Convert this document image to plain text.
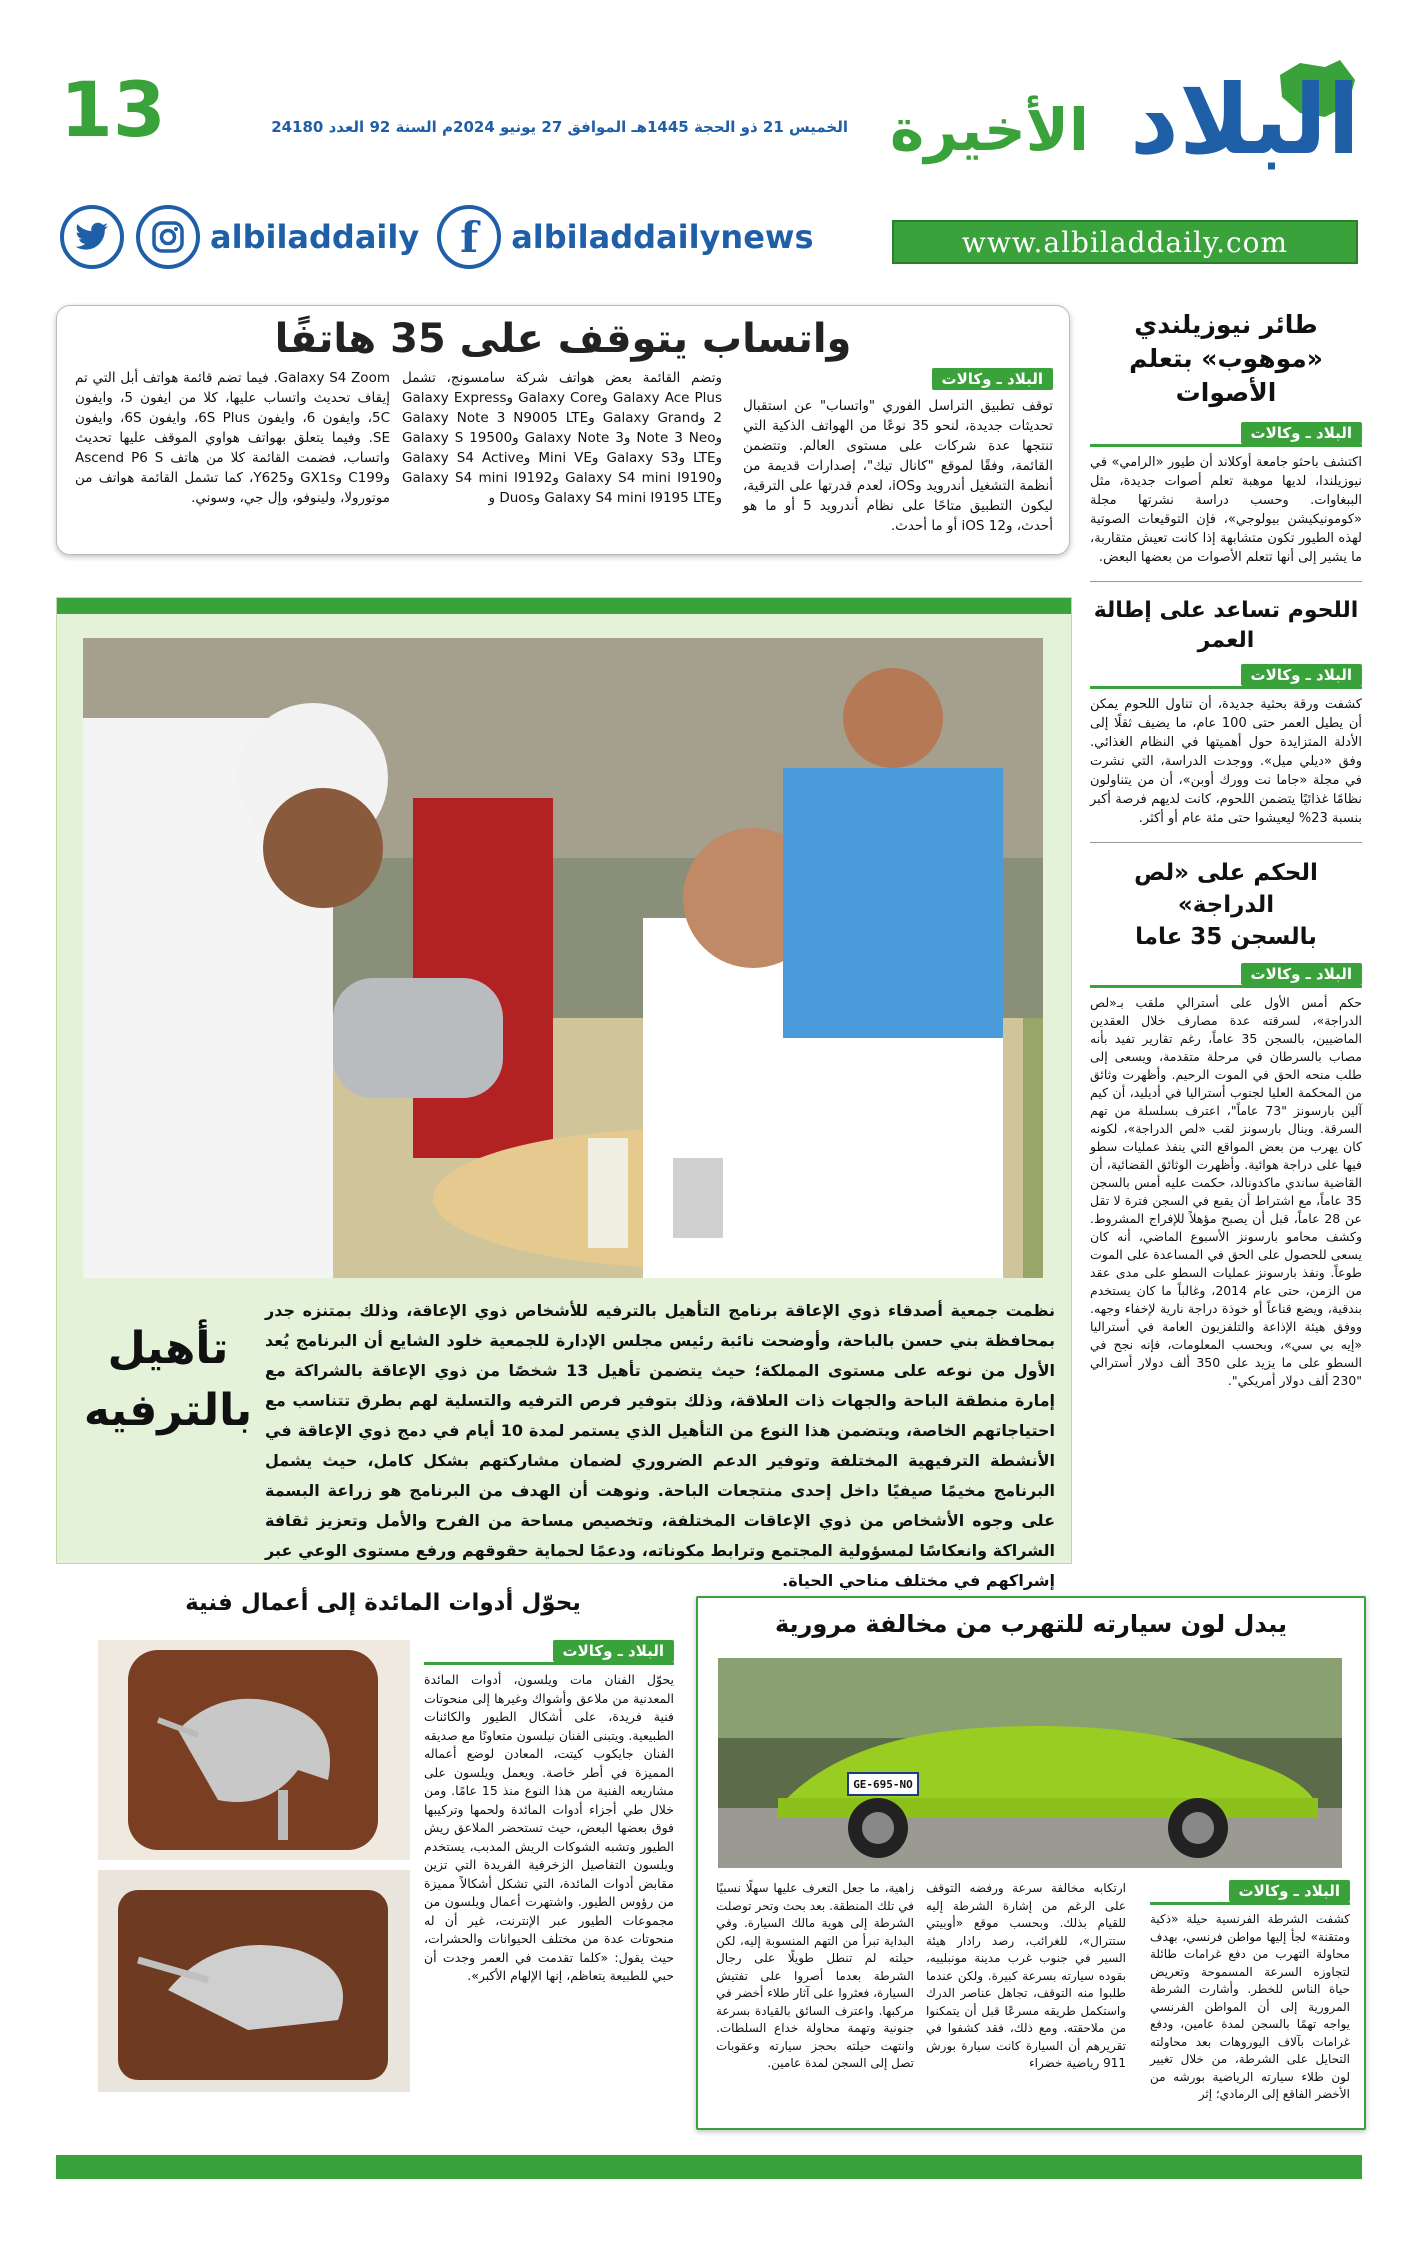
13	الخميس 21 ذو الحجة 1445هـ الموافق 27 يونيو 2024م السنة 92 العدد 24180	البلاد
الأخيرة
www.albiladdaily.com
albiladdaily f	albiladdailynews
واتساب يتوقف على 35 هاتفًا
البلاد ـ وكالات
توقف تطبيق التراسل الفوري "واتساب" عن استقبال تحديثات جديدة، لنحو 35 نوعًا من الهواتف الذكية التي تنتجها عدة شركات على مستوى العالم. وتتضمن القائمة، وفقًا لموقع "كانال تيك"، إصدارات قديمة من أنظمة التشغيل أندرويد وiOS، لعدم قدرتها على الترقية، ليكون التطبيق متاحًا على نظام أندرويد 5 أو ما هو أحدث، وiOS 12 أو ما أحدث.
وتضم القائمة بعض هواتف شركة سامسونج، تشمل Galaxy Ace Plus وGalaxy Core وGalaxy Express 2 وGalaxy Grand وGalaxy Note 3 N9005 LTE وNote 3 Neo وGalaxy Note 3 وGalaxy S 19500 وLTE وGalaxy S3 وMini VE وGalaxy S4 Active وGalaxy S4 mini I9190 وGalaxy S4 mini I9192 وGalaxy S4 mini I9195 LTE وDuos و
Galaxy S4 Zoom. فيما تضم قائمة هواتف أبل التي تم إيقاف تحديث واتساب عليها، كلا من ايفون 5، وايفون 5C، وايفون 6، وايفون 6S Plus، وايفون 6S، وايفون SE. وفيما يتعلق بهواتف هواوي الموقف عليها تحديث واتساب، فضمت القائمة كلا من هاتف Ascend P6 S وC199 وGX1s وY625، كما تشمل القائمة هواتف من موتورولا، ولينوفو، وإل جي، وسوني.
تأهيل
بالترفيه
نظمت جمعية أصدقاء ذوي الإعاقة برنامج التأهيل بالترفيه للأشخاص ذوي الإعاقة، وذلك بمتنزه جدر بمحافظة بني حسن بالباحة، وأوضحت نائبة رئيس مجلس الإدارة للجمعية خلود الشايع أن البرنامج يُعد الأول من نوعه على مستوى المملكة؛ حيث يتضمن تأهيل 13 شخصًا من ذوي الإعاقة بالشراكة مع إمارة منطقة الباحة والجهات ذات العلاقة، وذلك بتوفير فرص الترفيه والتسلية لهم بطرق تتناسب مع احتياجاتهم الخاصة، ويتضمن هذا النوع من التأهيل الذي يستمر لمدة 10 أيام في دمج ذوي الإعاقة في الأنشطة الترفيهية المختلفة وتوفير الدعم الضروري لضمان مشاركتهم بشكل كامل، حيث يشمل البرنامج مخيمًا صيفيًا داخل إحدى منتجعات الباحة. ونوهت أن الهدف من البرنامج هو زراعة البسمة على وجوه الأشخاص من ذوي الإعاقات المختلفة، وتخصيص مساحة من الفرح والأمل وتعزيز ثقافة الشراكة وانعكاسًا لمسؤولية المجتمع وترابط مكوناته، ودعمًا لحماية حقوقهم ورفع مستوى الوعي عبر إشراكهم في مختلف مناحي الحياة.
طائر نيوزيلندي
«موهوب» بتعلم الأصوات
البلاد ـ وكالات
اكتشف باحثو جامعة أوكلاند أن طيور «الرامي» في نيوزيلندا، لديها موهبة تعلم أصوات جديدة، مثل الببغاوات. وحسب دراسة نشرتها مجلة «كومونيكيشن بيولوجي»، فإن التوقيعات الصوتية لهذه الطيور تكون متشابهة إذا كانت تعيش متقاربة، ما يشير إلى أنها تتعلم الأصوات من بعضها البعض.
اللحوم تساعد على إطالة العمر
البلاد ـ وكالات
كشفت ورقة بحثية جديدة، أن تناول اللحوم يمكن أن يطيل العمر حتى 100 عام، ما يضيف ثقلًا إلى الأدلة المتزايدة حول أهميتها في النظام الغذائي. وفق «ديلي ميل». ووجدت الدراسة، التي نشرت في مجلة «جاما نت وورك أوبن»، أن من يتناولون نظامًا غذائيًا يتضمن اللحوم، كانت لديهم فرصة أكبر بنسبة 23% ليعيشوا حتى مئة عام أو أكثر.
الحكم على «لص الدراجة»
بالسجن 35 عاما
البلاد ـ وكالات
حكم أمس الأول على أسترالي ملقب بـ«لص الدراجة»، لسرقته عدة مصارف خلال العقدين الماضيين، بالسجن 35 عاماً، رغم تقارير تفيد بأنه مصاب بالسرطان في مرحلة متقدمة، ويسعى إلى طلب منحه الحق في الموت الرحيم. وأظهرت وثائق من المحكمة العليا لجنوب أستراليا في أديليد، أن كيم آلين بارسونز "73 عاماً"، اعترف بسلسلة من تهم السرقة. وينال بارسونز لقب «لص الدراجة»، لكونه كان يهرب من بعض المواقع التي ينفذ عمليات سطو فيها على دراجة هوائية. وأظهرت الوثائق القضائية، أن القاضية ساندي ماكدونالد، حكمت عليه أمس بالسجن 35 عاماً، مع اشتراط أن يقبع في السجن فترة لا تقل عن 28 عاماً، قبل أن يصبح مؤهلاً للإفراج المشروط. وكشف محامو بارسونز الأسبوع الماضي، أنه كان يسعى للحصول على الحق في المساعدة على الموت طوعاً. ونفذ بارسونز عمليات السطو على مدى عقد من الزمن، حتى عام 2014، وغالباً ما كان يستخدم بندقية، ويضع قناعاً أو خوذة دراجة نارية لإخفاء وجهه. ووفق هيئة الإذاعة والتلفزيون العامة في أستراليا «إيه بي سي»، وبحسب المعلومات، فإنه نجح في السطو على ما يزيد على 350 ألف دولار أسترالي "230 ألف دولار أمريكي".
يبدل لون سيارته للتهرب من مخالفة مرورية
GE-695-NO
البلاد ـ وكالات
كشفت الشرطة الفرنسية حيلة «ذكية ومتقنة» لجأ إليها مواطن فرنسي، بهدف محاولة التهرب من دفع غرامات طائلة لتجاوزه السرعة المسموحة وتعريض حياة الناس للخطر. وأشارت الشرطة المرورية إلى أن المواطن الفرنسي يواجه تهمًا بالسجن لمدة عامين، ودفع غرامات بآلاف اليوروهات بعد محاولته التحايل على الشرطة، من خلال تغيير لون طلاء سيارته الرياضية بورشه من الأخضر الفاقع إلى الرمادي؛ إثر
ارتكابه مخالفة سرعة ورفضه التوقف على الرغم من إشارة الشرطة إليه للقيام بذلك. وبحسب موقع «أوبيتي ستترال»، للغرائب، رصد رادار هيئة السير في جنوب غرب مدينة مونبلييه، بقوده سيارته بسرعة كبيرة. ولكن عندما طلبوا منه التوقف، تجاهل عناصر الدرك واستكمل طريقه مسرعًا قبل أن يتمكنوا من ملاحقته. ومع ذلك، فقد كشفوا في تقريرهم أن السيارة كانت سيارة بورش 911 رياضية خضراء
زاهية، ما جعل التعرف عليها سهلًا نسبيًا في تلك المنطقة. بعد بحث وتحر توصلت الشرطة إلى هوية مالك السيارة. وفي البداية تبرأ من التهم المنسوبة إليه، لكن حيلته لم تنطل طويلًا على رجال الشرطة بعدما أصروا على تفتيش السيارة، فعثروا على آثار طلاء أخضر في مركبها. واعترف السائق بالقيادة بسرعة جنونية وتهمة محاولة خداع السلطات. وانتهت حيلته بحجز سيارته وعقوبات تصل إلى السجن لمدة عامين.
يحوّل أدوات المائدة إلى أعمال فنية
البلاد ـ وكالات
يحوّل الفنان مات ويلسون، أدوات المائدة المعدنية من ملاعق وأشواك وغيرها إلى منحوتات فنية فريدة، على أشكال الطيور والكائنات الطبيعية. ويتبنى الفنان نيلسون متعاونًا مع صديقه الفنان جايكوب كيتت، المعادن لوضع أعماله المميزة في أطر خاصة. ويعمل ويلسون على مشاريعه الفنية من هذا النوع منذ 15 عامًا. ومن خلال طي أجزاء أدوات المائدة ولحمها وتركيبها فوق بعضها البعض، حيث تستحضر الملاعق ريش الطيور وتشبه الشوكات الريش المدبب، يستخدم ويلسون التفاصيل الزخرفية الفريدة التي تزين مقابض أدوات المائدة، التي تشكل أشكالاً مميزة من رؤوس الطيور. واشتهرت أعمال ويلسون من مجموعات الطيور عبر الإنترنت، غير أن له منحوتات عدة من مختلف الحيوانات والحشرات، حيث يقول: «كلما تقدمت في العمر وجدت أن حبي للطبيعة يتعاظم، إنها الإلهام الأكبر».
